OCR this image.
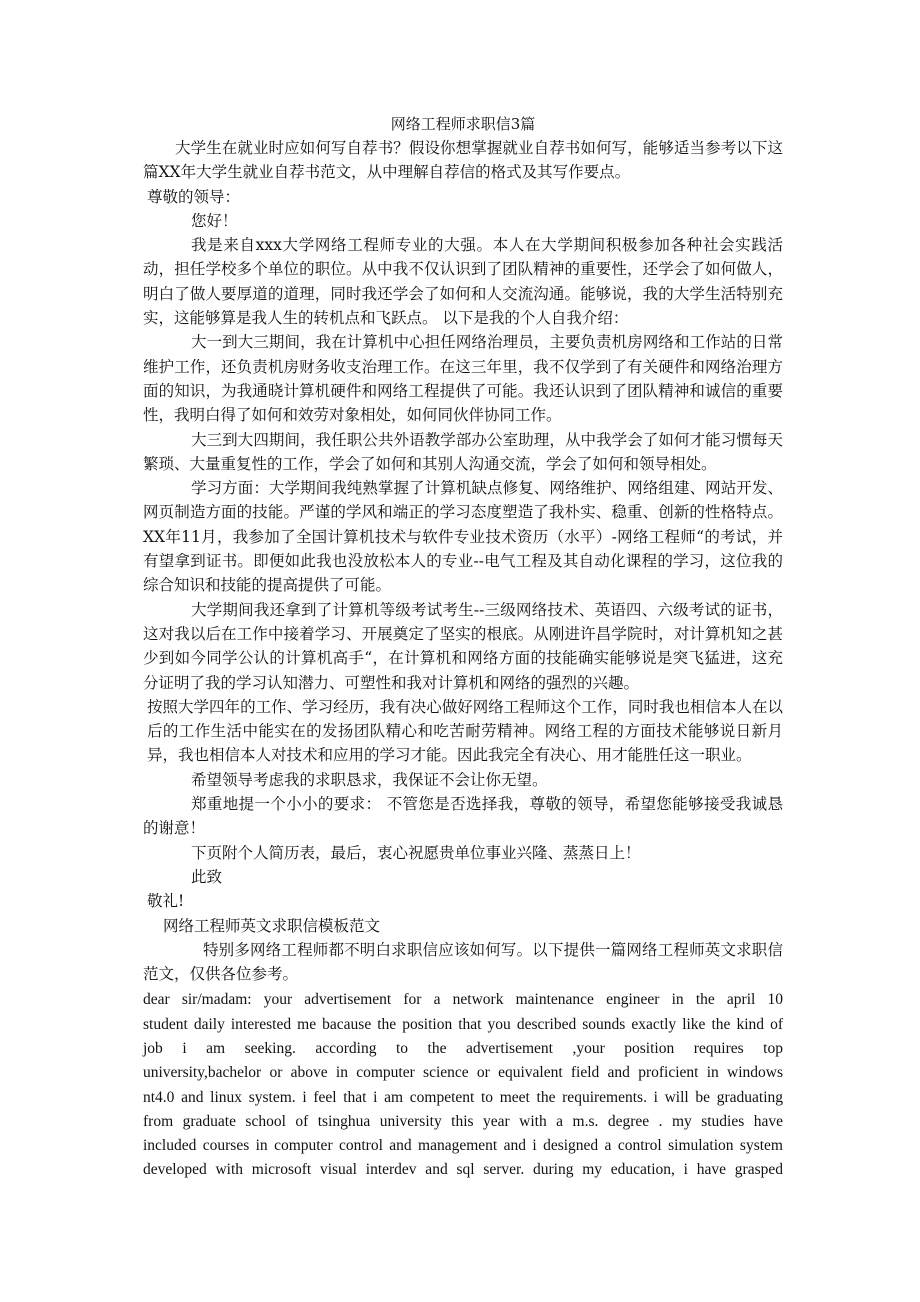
网络工程师求职信3篇

大学生在就业时应如何写自荐书？假设你想掌握就业自荐书如何写，能够适当参考以下这篇XX年大学生就业自荐书范文，从中理解自荐信的格式及其写作要点。

尊敬的领导：

您好！

我是来自xxx大学网络工程师专业的大强。本人在大学期间积极参加各种社会实践活动，担任学校多个单位的职位。从中我不仅认识到了团队精神的重要性，还学会了如何做人，明白了做人要厚道的道理，同时我还学会了如何和人交流沟通。能够说，我的大学生活特别充实，这能够算是我人生的转机点和飞跃点。 以下是我的个人自我介绍：

大一到大三期间，我在计算机中心担任网络治理员，主要负责机房网络和工作站的日常维护工作，还负责机房财务收支治理工作。在这三年里，我不仅学到了有关硬件和网络治理方面的知识，为我通晓计算机硬件和网络工程提供了可能。我还认识到了团队精神和诚信的重要性，我明白得了如何和效劳对象相处，如何同伙伴协同工作。

大三到大四期间，我任职公共外语教学部办公室助理，从中我学会了如何才能习惯每天繁琐、大量重复性的工作，学会了如何和其别人沟通交流，学会了如何和领导相处。

学习方面：大学期间我纯熟掌握了计算机缺点修复、网络维护、网络组建、网站开发、网页制造方面的技能。严谨的学风和端正的学习态度塑造了我朴实、稳重、创新的性格特点。XX年11月，我参加了全国计算机技术与软件专业技术资历（水平）-网络工程师“的考试，并有望拿到证书。即便如此我也没放松本人的专业--电气工程及其自动化课程的学习，这位我的综合知识和技能的提高提供了可能。

大学期间我还拿到了计算机等级考试考生--三级网络技术、英语四、六级考试的证书，这对我以后在工作中接着学习、开展奠定了坚实的根底。从刚进许昌学院时，对计算机知之甚少到如今同学公认的计算机高手“，在计算机和网络方面的技能确实能够说是突飞猛进，这充分证明了我的学习认知潜力、可塑性和我对计算机和网络的强烈的兴趣。

按照大学四年的工作、学习经历，我有决心做好网络工程师这个工作，同时我也相信本人在以后的工作生活中能实在的发扬团队精心和吃苦耐劳精神。网络工程的方面技术能够说日新月异，我也相信本人对技术和应用的学习才能。因此我完全有决心、用才能胜任这一职业。

希望领导考虑我的求职恳求，我保证不会让你无望。

郑重地提一个小小的要求： 不管您是否选择我，尊敬的领导，希望您能够接受我诚恳的谢意！

下页附个人简历表，最后，衷心祝愿贵单位事业兴隆、蒸蒸日上！

此致

敬礼!

网络工程师英文求职信模板范文

特别多网络工程师都不明白求职信应该如何写。以下提供一篇网络工程师英文求职信范文，仅供各位参考。

dear sir/madam: your advertisement for a network maintenance engineer in the april 10
student daily interested me bacause the position that you described sounds exactly like the kind of
job i am seeking. according to the advertisement ,your position requires top
university,bachelor or above in computer science or equivalent field and proficient in windows
nt4.0 and linux system. i feel that i am competent to meet the requirements. i will be graduating
from graduate school of tsinghua university this year with a m.s. degree . my studies have
included courses in computer control and management and i designed a control simulation system
developed with microsoft visual interdev and sql server. during my education, i have grasped
